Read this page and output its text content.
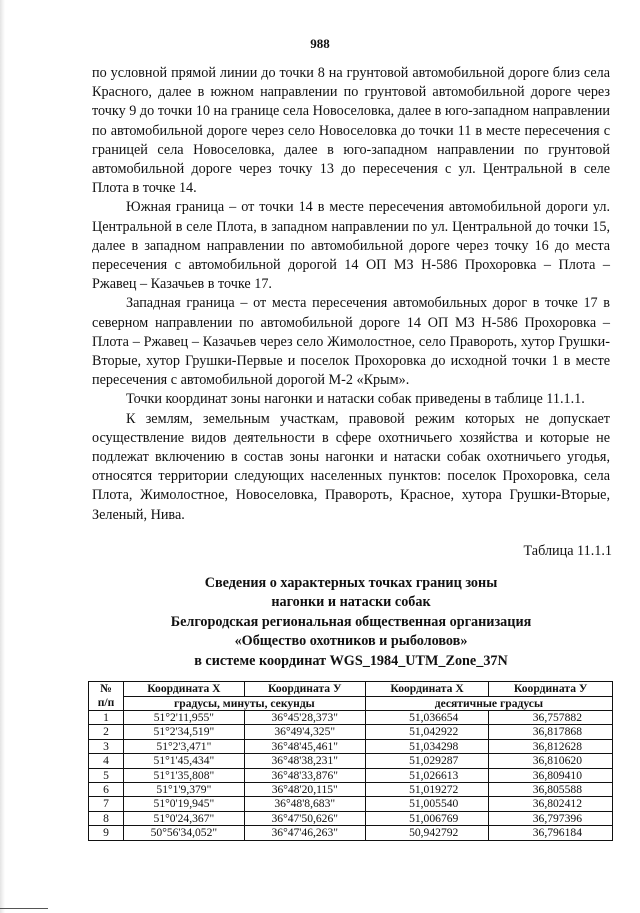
988

по условной прямой линии до точки 8 на грунтовой автомобильной дороге близ села Красного, далее в южном направлении по грунтовой автомобильной дороге через точку 9 до точки 10 на границе села Новоселовка, далее в юго-западном направлении по автомобильной дороге через село Новоселовка до точки 11 в месте пересечения с границей села Новоселовка, далее в юго-западном направлении по грунтовой автомобильной дороге через точку 13 до пересечения с ул. Центральной в селе Плота в точке 14.

Южная граница – от точки 14 в месте пересечения автомобильной дороги ул. Центральной в селе Плота, в западном направлении по ул. Центральной до точки 15, далее в западном направлении по автомобильной дороге через точку 16 до места пересечения с автомобильной дорогой 14 ОП МЗ Н-586 Прохоровка – Плота – Ржавец – Казачьев в точке 17.

Западная граница – от места пересечения автомобильных дорог в точке 17 в северном направлении по автомобильной дороге 14 ОП МЗ Н-586 Прохоровка – Плота – Ржавец – Казачьев через село Жимолостное, село Правороть, хутор Грушки-Вторые, хутор Грушки-Первые и поселок Прохоровка до исходной точки 1 в месте пересечения с автомобильной дорогой М-2 «Крым».

Точки координат зоны нагонки и натаски собак приведены в таблице 11.1.1.

К землям, земельным участкам, правовой режим которых не допускает осуществление видов деятельности в сфере охотничьего хозяйства и которые не подлежат включению в состав зоны нагонки и натаски собак охотничьего угодья, относятся территории следующих населенных пунктов: поселок Прохоровка, села Плота, Жимолостное, Новоселовка, Правороть, Красное, хутора Грушки-Вторые, Зеленый, Нива.

Таблица 11.1.1
Сведения о характерных точках границ зоны
нагонки и натаски собак
Белгородская региональная общественная организация
«Общество охотников и рыболовов»
в системе координат WGS_1984_UTM_Zone_37N
№
п/п	Координата X	Координата У	Координата X	Координата У
	градусы, минуты, секунды		десятичные градусы	
1	51°2'11,955"	36°45'28,373"	51,036654	36,757882
2	51°2'34,519"	36°49'4,325"	51,042922	36,817868
3	51°2'3,471"	36°48'45,461"	51,034298	36,812628
4	51°1'45,434"	36°48'38,231"	51,029287	36,810620
5	51°1'35,808"	36°48'33,876"	51,026613	36,809410
6	51°1'9,379"	36°48'20,115"	51,019272	36,805588
7	51°0'19,945"	36°48'8,683"	51,005540	36,802412
8	51°0'24,367"	36°47'50,626"	51,006769	36,797396
9	50°56'34,052"	36°47'46,263"	50,942792	36,796184
